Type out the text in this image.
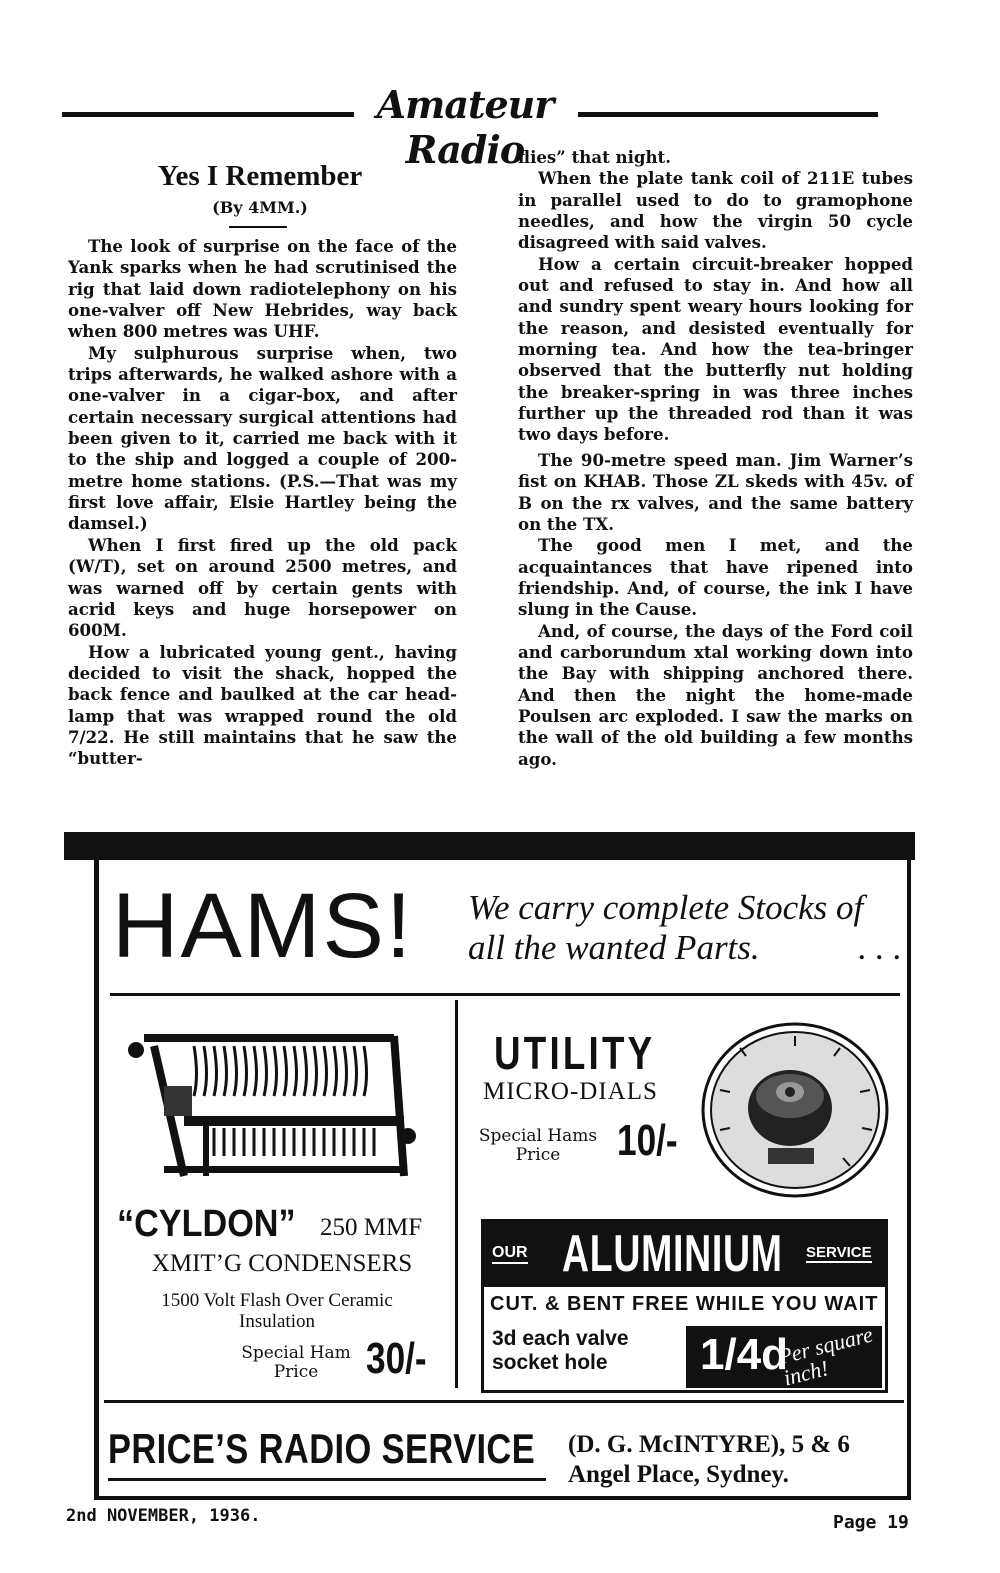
Amateur Radio
Yes I Remember
(By 4MM.)

The look of surprise on the face of the Yank sparks when he had scrutinised the rig that laid down radiotelephony on his one-valver off New Hebrides, way back when 800 metres was UHF.

My sulphurous surprise when, two trips afterwards, he walked ashore with a one-valver in a cigar-box, and after certain necessary surgical attentions had been given to it, carried me back with it to the ship and logged a couple of 200-metre home stations. (P.S.—That was my first love affair, Elsie Hartley being the damsel.)

When I first fired up the old pack (W/T), set on around 2500 metres, and was warned off by certain gents with acrid keys and huge horsepower on 600M.

How a lubricated young gent., having decided to visit the shack, hopped the back fence and baulked at the car head-lamp that was wrapped round the old 7/22. He still maintains that he saw the “butter-

flies” that night.

When the plate tank coil of 211E tubes in parallel used to do to gramophone needles, and how the virgin 50 cycle disagreed with said valves.

How a certain circuit-breaker hopped out and refused to stay in. And how all and sundry spent weary hours looking for the reason, and desisted eventually for morning tea. And how the tea-bringer observed that the butterfly nut holding the breaker-spring in was three inches further up the threaded rod than it was two days before.

The 90-metre speed man. Jim Warner’s fist on KHAB. Those ZL skeds with 45v. of B on the rx valves, and the same battery on the TX.

The good men I met, and the acquaintances that have ripened into friendship. And, of course, the ink I have slung in the Cause.

And, of course, the days of the Ford coil and carborundum xtal working down into the Bay with shipping anchored there. And then the night the home-made Poulsen arc exploded. I saw the marks on the wall of the old building a few months ago.

HAMS! We carry complete Stocks of all the wanted Parts.	. . .
“CYLDON” 250 MMF
XMIT’G CONDENSERS
1500 Volt Flash Over Ceramic
Insulation
Special Ham
Price	30/-
UTILITY
MICRO-DIALS
Special Hams
Price	10/-
OUR ALUMINIUM SERVICE
CUT. & BENT FREE WHILE YOU WAIT
3d each valve
socket hole	1/4d
Per square inch!
PRICE’S RADIO SERVICE (D. G. McINTYRE), 5 & 6
Angel Place, Sydney.
2nd NOVEMBER, 1936.	Page 19
